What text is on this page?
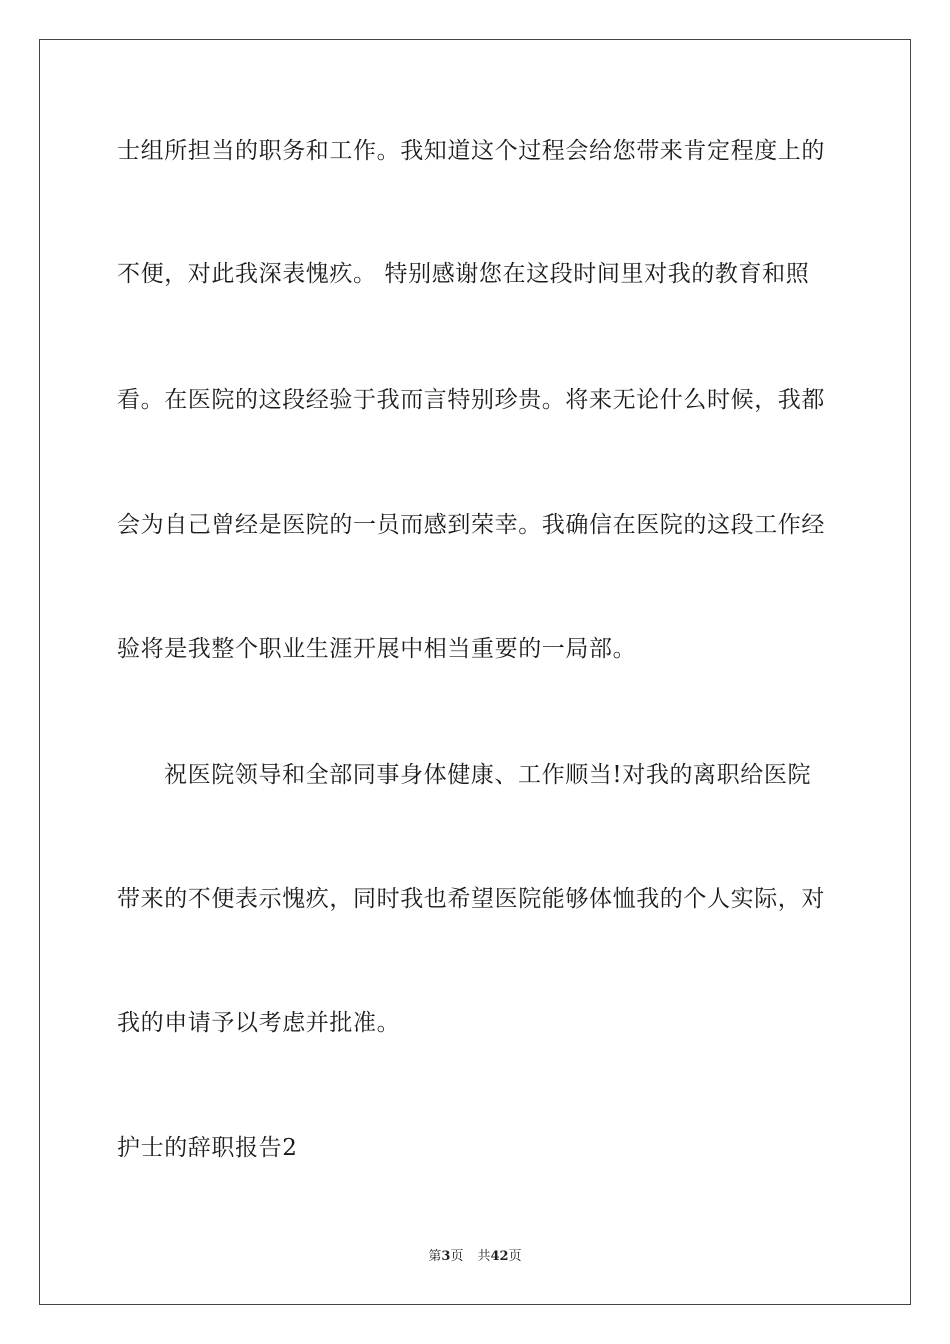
士组所担当的职务和工作。我知道这个过程会给您带来肯定程度上的
不便，对此我深表愧疚。 特别感谢您在这段时间里对我的教育和照
看。在医院的这段经验于我而言特别珍贵。将来无论什么时候，我都
会为自己曾经是医院的一员而感到荣幸。我确信在医院的这段工作经
验将是我整个职业生涯开展中相当重要的一局部。
祝医院领导和全部同事身体健康、工作顺当!对我的离职给医院
带来的不便表示愧疚，同时我也希望医院能够体恤我的个人实际，对
我的申请予以考虑并批准。
护士的辞职报告2
第3页 共42页
